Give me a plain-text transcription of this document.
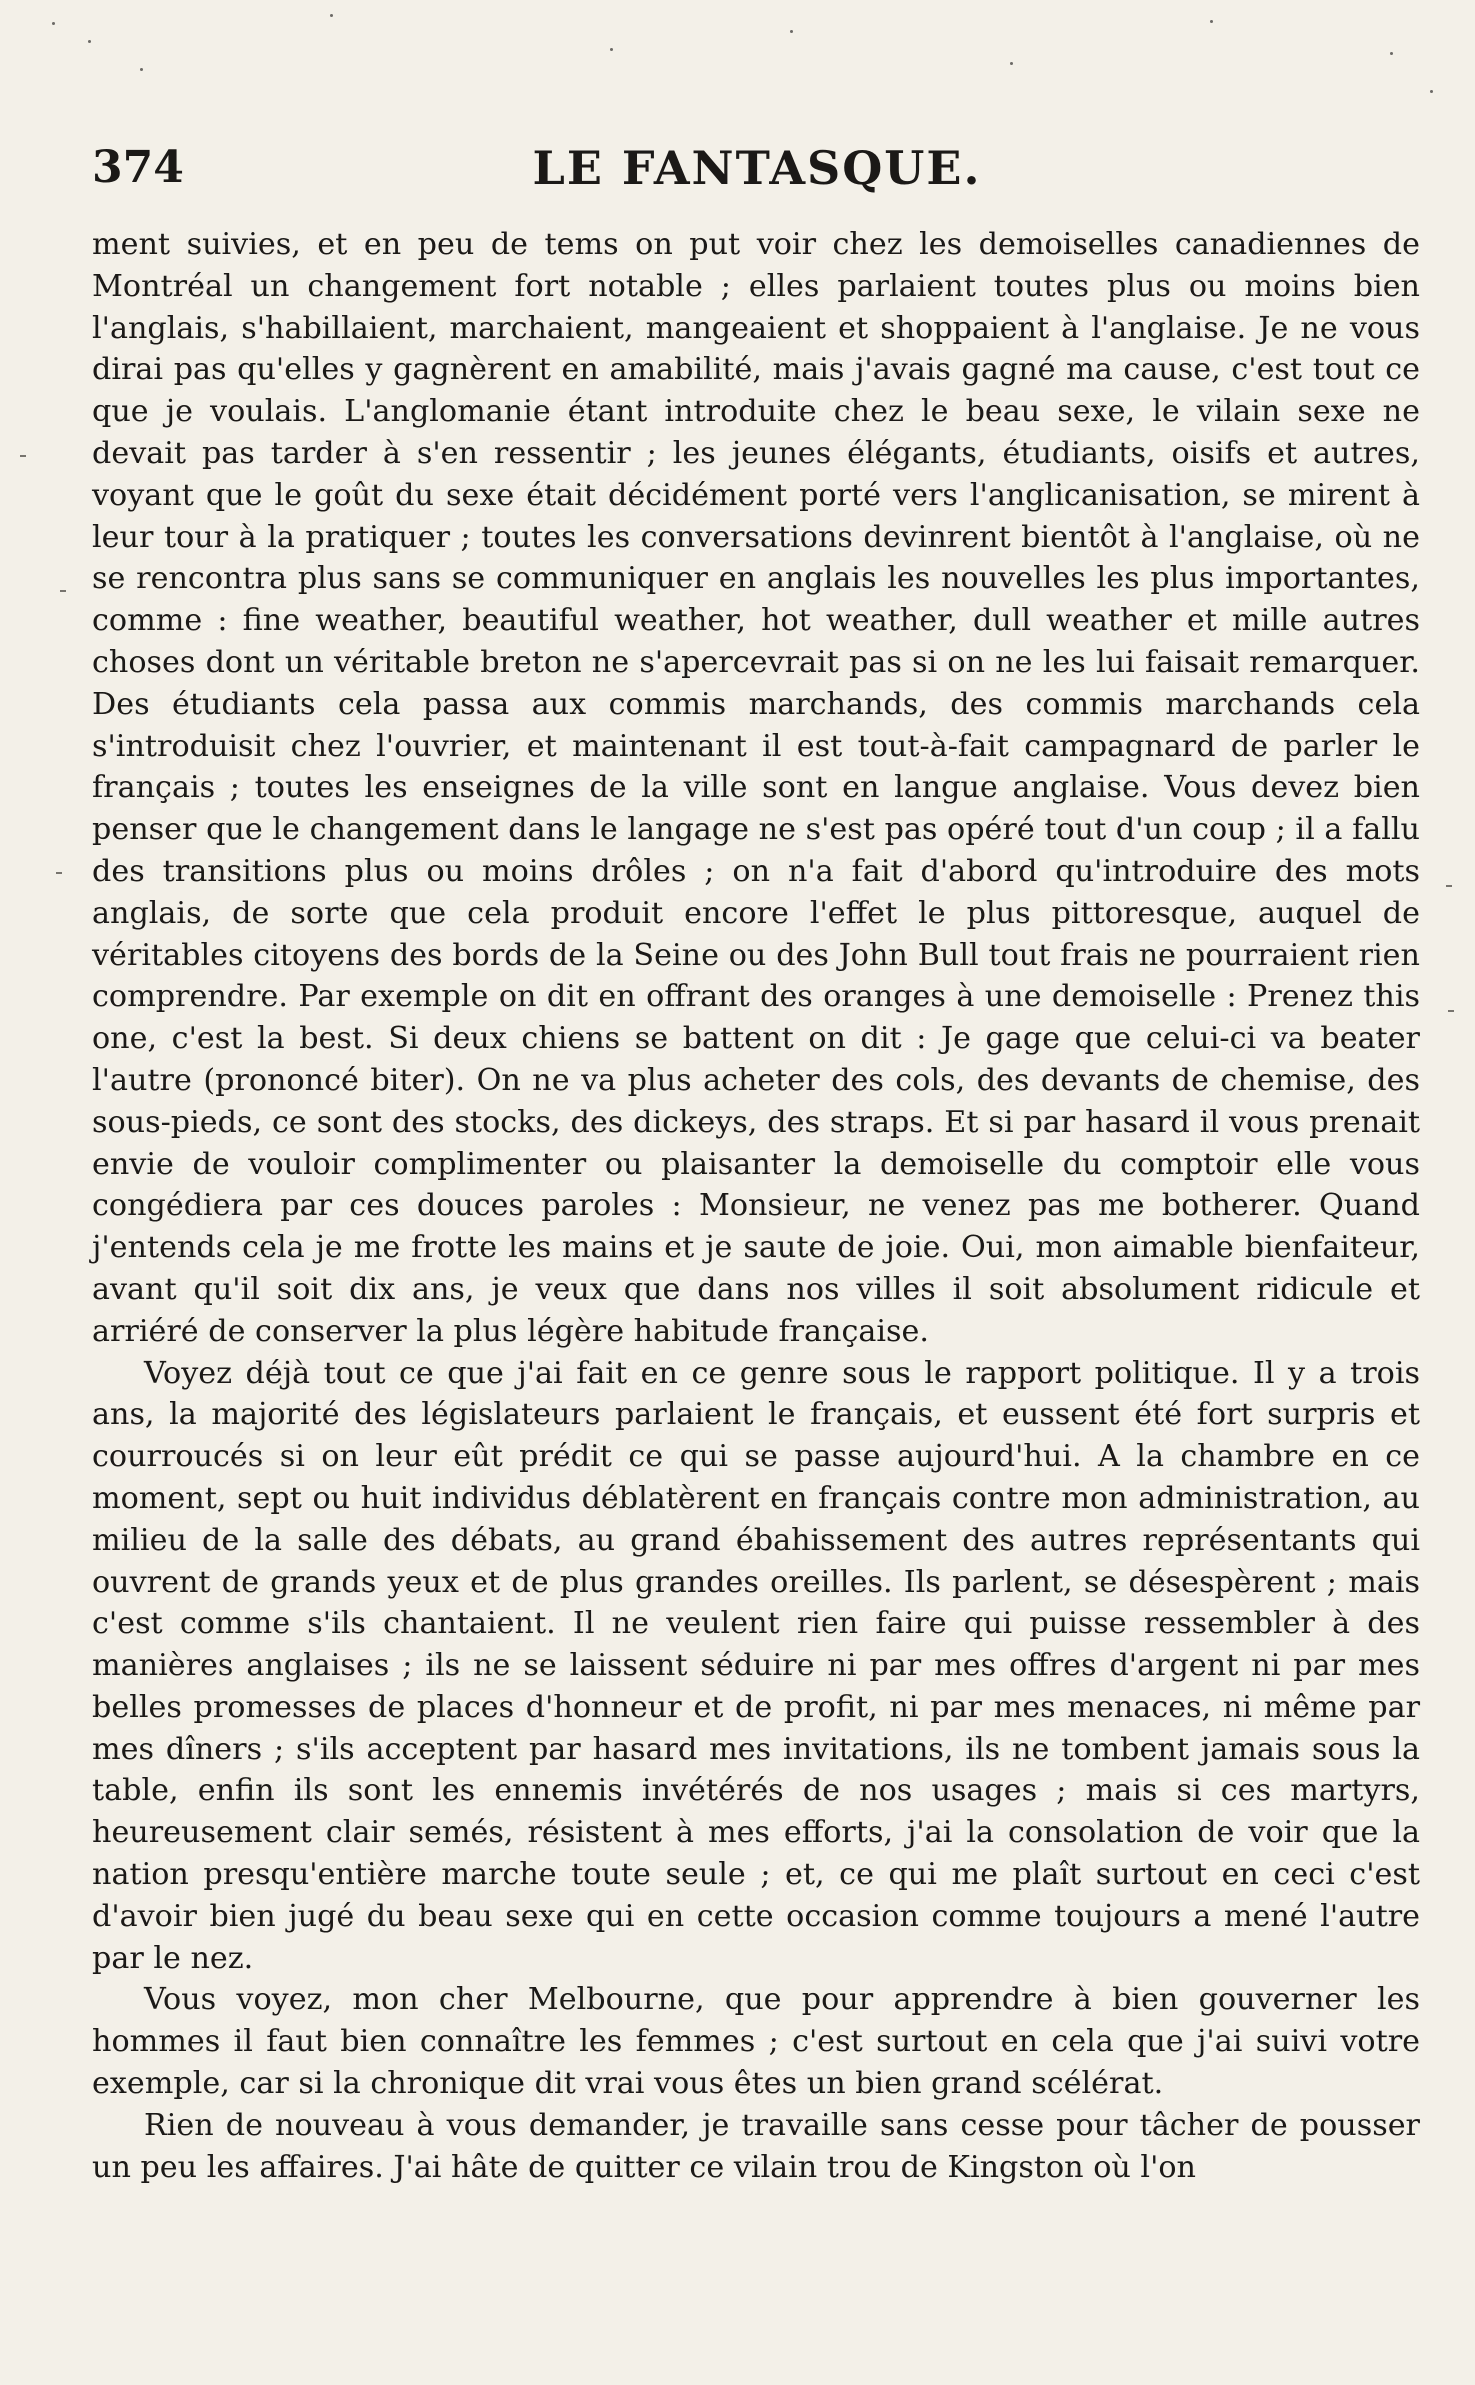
374	LE FANTASQUE.

ment suivies, et en peu de tems on put voir chez les demoiselles canadiennes de Montréal un changement fort notable ; elles parlaient toutes plus ou moins bien l'anglais, s'habillaient, marchaient, mangeaient et shoppaient à l'anglaise. Je ne vous dirai pas qu'elles y gagnèrent en amabilité, mais j'avais gagné ma cause, c'est tout ce que je voulais. L'anglomanie étant introduite chez le beau sexe, le vilain sexe ne devait pas tarder à s'en ressentir ; les jeunes élégants, étudiants, oisifs et autres, voyant que le goût du sexe était décidément porté vers l'anglicanisation, se mirent à leur tour à la pratiquer ; toutes les conversations devinrent bientôt à l'anglaise, où ne se rencontra plus sans se communiquer en anglais les nouvelles les plus importantes, comme : fine weather, beautiful weather, hot weather, dull weather et mille autres choses dont un véritable breton ne s'apercevrait pas si on ne les lui faisait remarquer. Des étudiants cela passa aux commis marchands, des commis marchands cela s'introduisit chez l'ouvrier, et maintenant il est tout-à-fait campagnard de parler le français ; toutes les enseignes de la ville sont en langue anglaise. Vous devez bien penser que le changement dans le langage ne s'est pas opéré tout d'un coup ; il a fallu des transitions plus ou moins drôles ; on n'a fait d'abord qu'introduire des mots anglais, de sorte que cela produit encore l'effet le plus pittoresque, auquel de véritables citoyens des bords de la Seine ou des John Bull tout frais ne pourraient rien comprendre. Par exemple on dit en offrant des oranges à une demoiselle : Prenez this one, c'est la best. Si deux chiens se battent on dit : Je gage que celui-ci va beater l'autre (prononcé biter). On ne va plus acheter des cols, des devants de chemise, des sous-pieds, ce sont des stocks, des dickeys, des straps. Et si par hasard il vous prenait envie de vouloir complimenter ou plaisanter la demoiselle du comptoir elle vous congédiera par ces douces paroles : Monsieur, ne venez pas me botherer. Quand j'entends cela je me frotte les mains et je saute de joie. Oui, mon aimable bienfaiteur, avant qu'il soit dix ans, je veux que dans nos villes il soit absolument ridicule et arriéré de conserver la plus légère habitude française.

Voyez déjà tout ce que j'ai fait en ce genre sous le rapport politique. Il y a trois ans, la majorité des législateurs parlaient le français, et eussent été fort surpris et courroucés si on leur eût prédit ce qui se passe aujourd'hui. A la chambre en ce moment, sept ou huit individus déblatèrent en français contre mon administration, au milieu de la salle des débats, au grand ébahissement des autres représentants qui ouvrent de grands yeux et de plus grandes oreilles. Ils parlent, se désespèrent ; mais c'est comme s'ils chantaient. Il ne veulent rien faire qui puisse ressembler à des manières anglaises ; ils ne se laissent séduire ni par mes offres d'argent ni par mes belles promesses de places d'honneur et de profit, ni par mes menaces, ni même par mes dîners ; s'ils acceptent par hasard mes invitations, ils ne tombent jamais sous la table, enfin ils sont les ennemis invétérés de nos usages ; mais si ces martyrs, heureusement clair semés, résistent à mes efforts, j'ai la consolation de voir que la nation presqu'entière marche toute seule ; et, ce qui me plaît surtout en ceci c'est d'avoir bien jugé du beau sexe qui en cette occasion comme toujours a mené l'autre par le nez.

Vous voyez, mon cher Melbourne, que pour apprendre à bien gouverner les hommes il faut bien connaître les femmes ; c'est surtout en cela que j'ai suivi votre exemple, car si la chronique dit vrai vous êtes un bien grand scélérat.

Rien de nouveau à vous demander, je travaille sans cesse pour tâcher de pousser un peu les affaires. J'ai hâte de quitter ce vilain trou de Kingston où l'on
